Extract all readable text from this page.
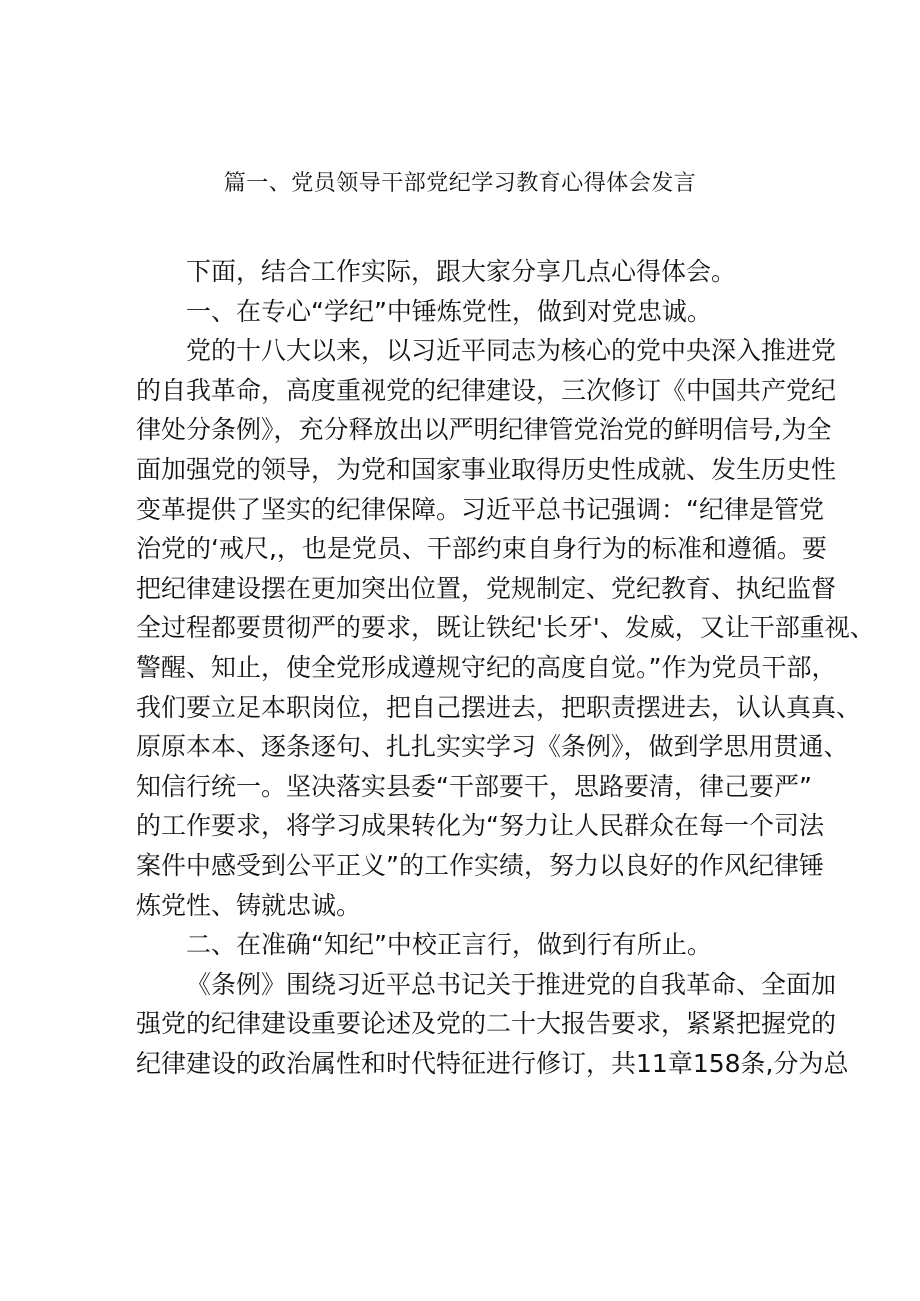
篇一、党员领导干部党纪学习教育心得体会发言

下面，结合工作实际，跟大家分享几点心得体会。

一、在专心“学纪”中锤炼党性，做到对党忠诚。

党的十八大以来，以习近平同志为核心的党中央深入推进党
的自我革命，高度重视党的纪律建设，三次修订《中国共产党纪
律处分条例》，充分释放出以严明纪律管党治党的鲜明信号,为全
面加强党的领导，为党和国家事业取得历史性成就、发生历史性
变革提供了坚实的纪律保障。习近平总书记强调：“纪律是管党
治党的‘戒尺,，也是党员、干部约束自身行为的标准和遵循。要
把纪律建设摆在更加突出位置，党规制定、党纪教育、执纪监督
全过程都要贯彻严的要求，既让铁纪'长牙'、发威，又让干部重视、
警醒、知止，使全党形成遵规守纪的高度自觉。”作为党员干部，
我们要立足本职岗位，把自己摆进去，把职责摆进去，认认真真、
原原本本、逐条逐句、扎扎实实学习《条例》，做到学思用贯通、
知信行统一。坚决落实县委“干部要干，思路要清，律己要严”
的工作要求，将学习成果转化为“努力让人民群众在每一个司法
案件中感受到公平正义”的工作实绩，努力以良好的作风纪律锤
炼党性、铸就忠诚。

二、在准确“知纪”中校正言行，做到行有所止。

《条例》围绕习近平总书记关于推进党的自我革命、全面加
强党的纪律建设重要论述及党的二十大报告要求，紧紧把握党的
纪律建设的政治属性和时代特征进行修订，共11章158条,分为总
